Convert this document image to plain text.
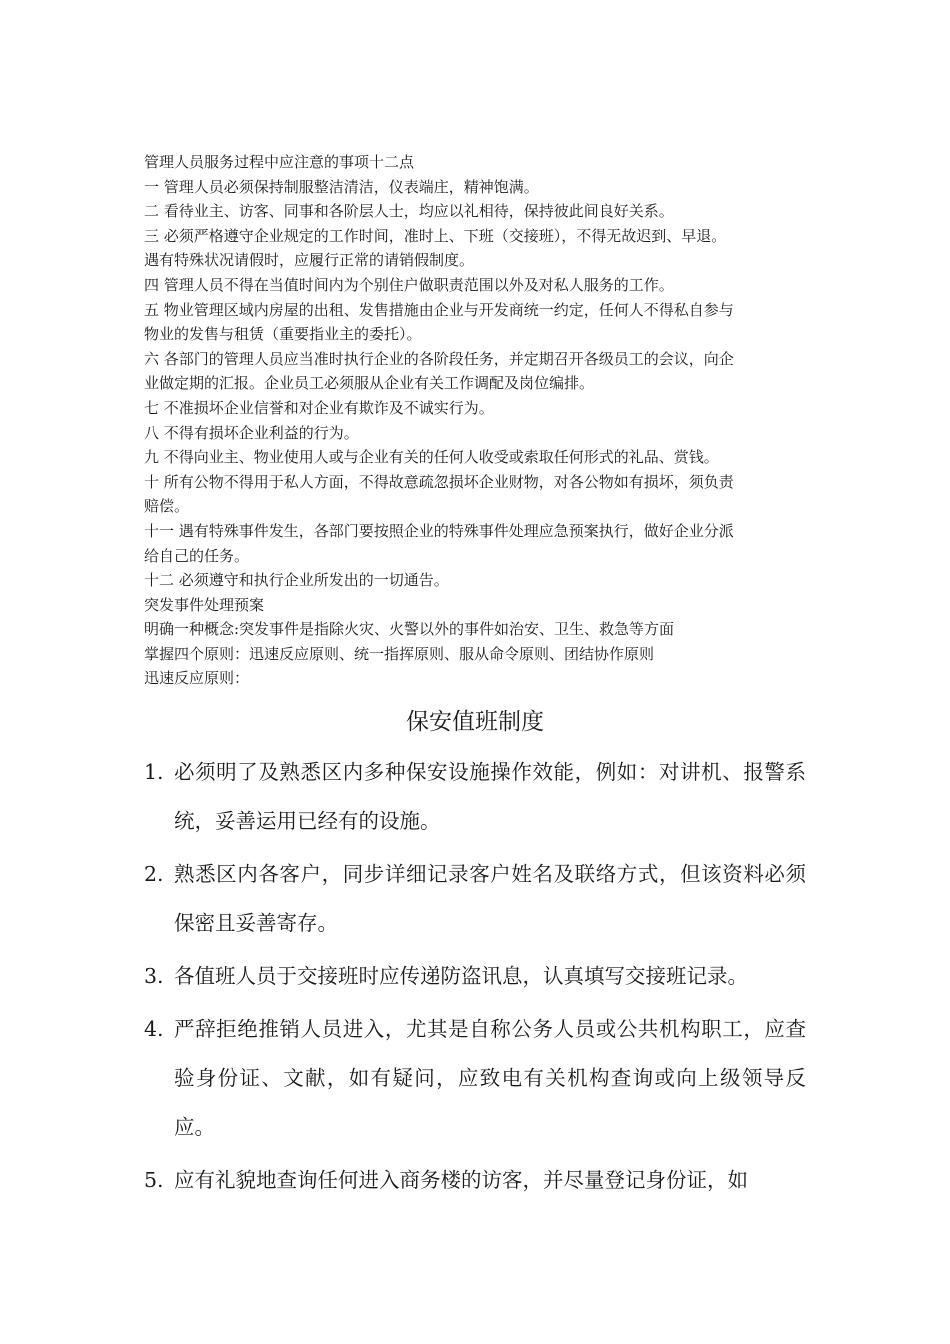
管理人员服务过程中应注意的事项十二点

一 管理人员必须保持制服整洁清洁，仪表端庄，精神饱满。

二 看待业主、访客、同事和各阶层人士，均应以礼相待，保持彼此间良好关系。

三 必须严格遵守企业规定的工作时间，准时上、下班（交接班），不得无故迟到、早退。

遇有特殊状况请假时，应履行正常的请销假制度。

四 管理人员不得在当值时间内为个别住户做职责范围以外及对私人服务的工作。

五 物业管理区域内房屋的出租、发售措施由企业与开发商统一约定，任何人不得私自参与

物业的发售与租赁（重要指业主的委托）。

六 各部门的管理人员应当准时执行企业的各阶段任务，并定期召开各级员工的会议，向企

业做定期的汇报。企业员工必须服从企业有关工作调配及岗位编排。

七 不准损坏企业信誉和对企业有欺诈及不诚实行为。

八 不得有损坏企业利益的行为。

九 不得向业主、物业使用人或与企业有关的任何人收受或索取任何形式的礼品、赏钱。

十 所有公物不得用于私人方面，不得故意疏忽损坏企业财物，对各公物如有损坏，须负责

赔偿。

十一 遇有特殊事件发生，各部门要按照企业的特殊事件处理应急预案执行，做好企业分派

给自己的任务。

十二 必须遵守和执行企业所发出的一切通告。

突发事件处理预案

明确一种概念:突发事件是指除火灾、火警以外的事件如治安、卫生、救急等方面

掌握四个原则：迅速反应原则、统一指挥原则、服从命令原则、团结协作原则

迅速反应原则：

保安值班制度
1. 必须明了及熟悉区内多种保安设施操作效能，例如：对讲机、报警系统，妥善运用已经有的设施。
2. 熟悉区内各客户，同步详细记录客户姓名及联络方式，但该资料必须保密且妥善寄存。
3. 各值班人员于交接班时应传递防盗讯息，认真填写交接班记录。
4. 严辞拒绝推销人员进入，尤其是自称公务人员或公共机构职工，应查验身份证、文献，如有疑问，应致电有关机构查询或向上级领导反应。
5. 应有礼貌地查询任何进入商务楼的访客，并尽量登记身份证，如
